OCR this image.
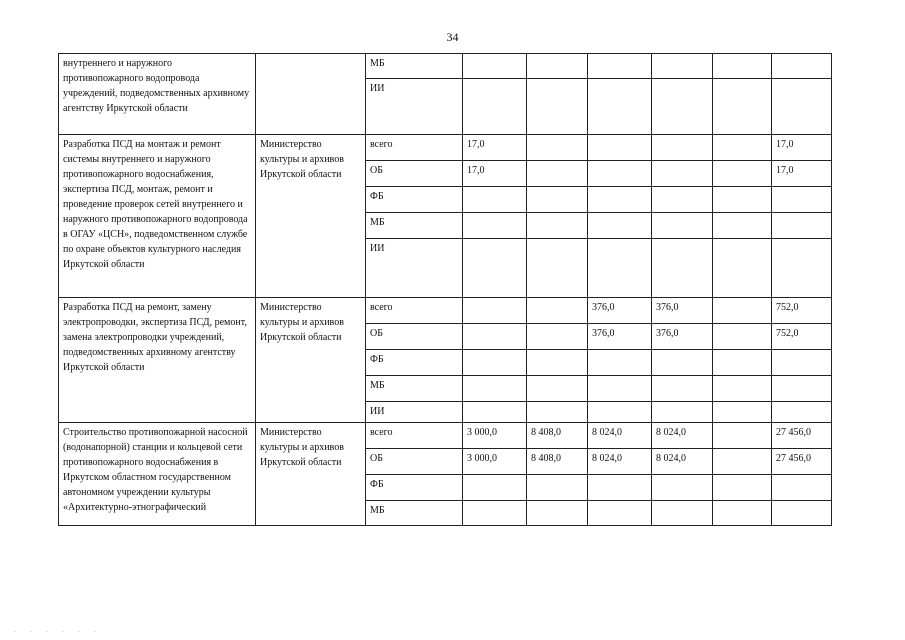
34
внутреннего и наружного противопожарного водопровода учреждений, подведомственных архивному агентству Иркутской области		МБ						
		ИИ						
Разработка ПСД на монтаж и ремонт системы внутреннего и наружного противопожарного водоснабжения, экспертиза ПСД, монтаж, ремонт и проведение проверок сетей внутреннего и наружного противопожарного водопровода в ОГАУ «ЦСН», подведомственном службе по охране объектов культурного наследия Иркутской области	Министерство культуры и архивов Иркутской области	всего	17,0					17,0
		ОБ	17,0					17,0
		ФБ						
		МБ						
		ИИ						
Разработка ПСД на ремонт, замену электропроводки, экспертиза ПСД, ремонт, замена электропроводки учреждений, подведомственных архивному агентству Иркутской области	Министерство культуры и архивов Иркутской области	всего			376,0	376,0		752,0
		ОБ			376,0	376,0		752,0
		ФБ						
		МБ						
		ИИ						
Строительство противопожарной насосной (водонапорной) станции и кольцевой сети противопожарного водоснабжения в Иркутском областном государственном автономном учреждении культуры «Архитектурно-этнографический	Министерство культуры и архивов Иркутской области	всего	3 000,0	8 408,0	8 024,0	8 024,0		27 456,0
		ОБ	3 000,0	8 408,0	8 024,0	8 024,0		27 456,0
		ФБ						
		МБ						
. . . . . .
